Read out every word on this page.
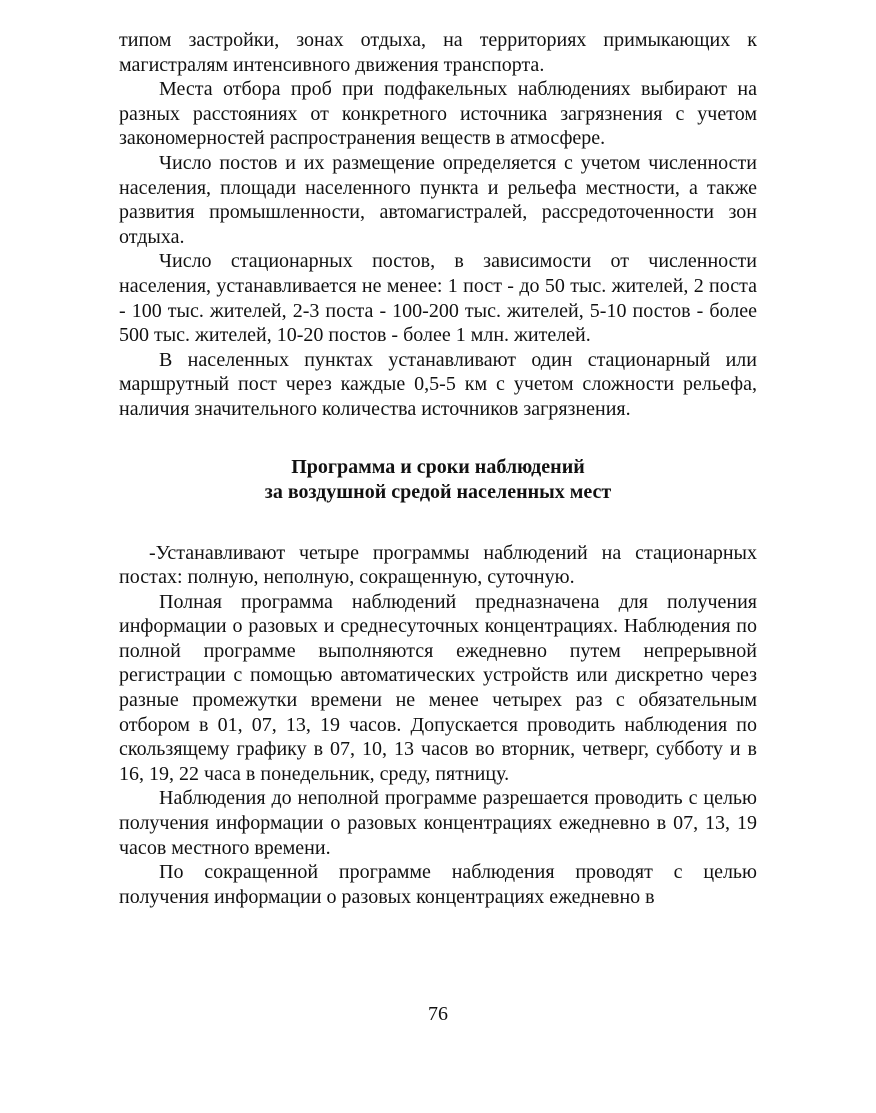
типом застройки, зонах отдыха, на территориях примыкающих к магистралям интенсивного движения транспорта.

Места отбора проб при подфакельных наблюдениях выбирают на разных расстояниях от конкретного источника загрязнения с учетом закономерностей распространения веществ в атмосфере.

Число постов и их размещение определяется с учетом численности населения, площади населенного пункта и рельефа местности, а также развития промышленности, автомагистралей, рассредоточенности зон отдыха.

Число стационарных постов, в зависимости от численности населения, устанавливается не менее: 1 пост - до 50 тыс. жителей, 2 поста - 100 тыс. жителей, 2-3 поста - 100-200 тыс. жителей, 5-10 постов - более 500 тыс. жителей, 10-20 постов - более 1 млн. жителей.

В населенных пунктах устанавливают один стационарный или маршрутный пост через каждые 0,5-5 км с учетом сложности рельефа, наличия значительного количества источников загрязнения.

Программа и сроки наблюдений
за воздушной средой населенных мест

-Устанавливают четыре программы наблюдений на стационарных постах: полную, неполную, сокращенную, суточную.

Полная программа наблюдений предназначена для получения информации о разовых и среднесуточных концентрациях. Наблюдения по полной программе выполняются ежедневно путем непрерывной регистрации с помощью автоматических устройств или дискретно через разные промежутки времени не менее четырех раз с обязательным отбором в 01, 07, 13, 19 часов. Допускается проводить наблюдения по скользящему графику в 07, 10, 13 часов во вторник, четверг, субботу и в 16, 19, 22 часа в понедельник, среду, пятницу.

Наблюдения до неполной программе разрешается проводить с целью получения информации о разовых концентрациях ежедневно в 07, 13, 19 часов местного времени.

По сокращенной программе наблюдения проводят с целью получения информации о разовых концентрациях ежедневно в

76
